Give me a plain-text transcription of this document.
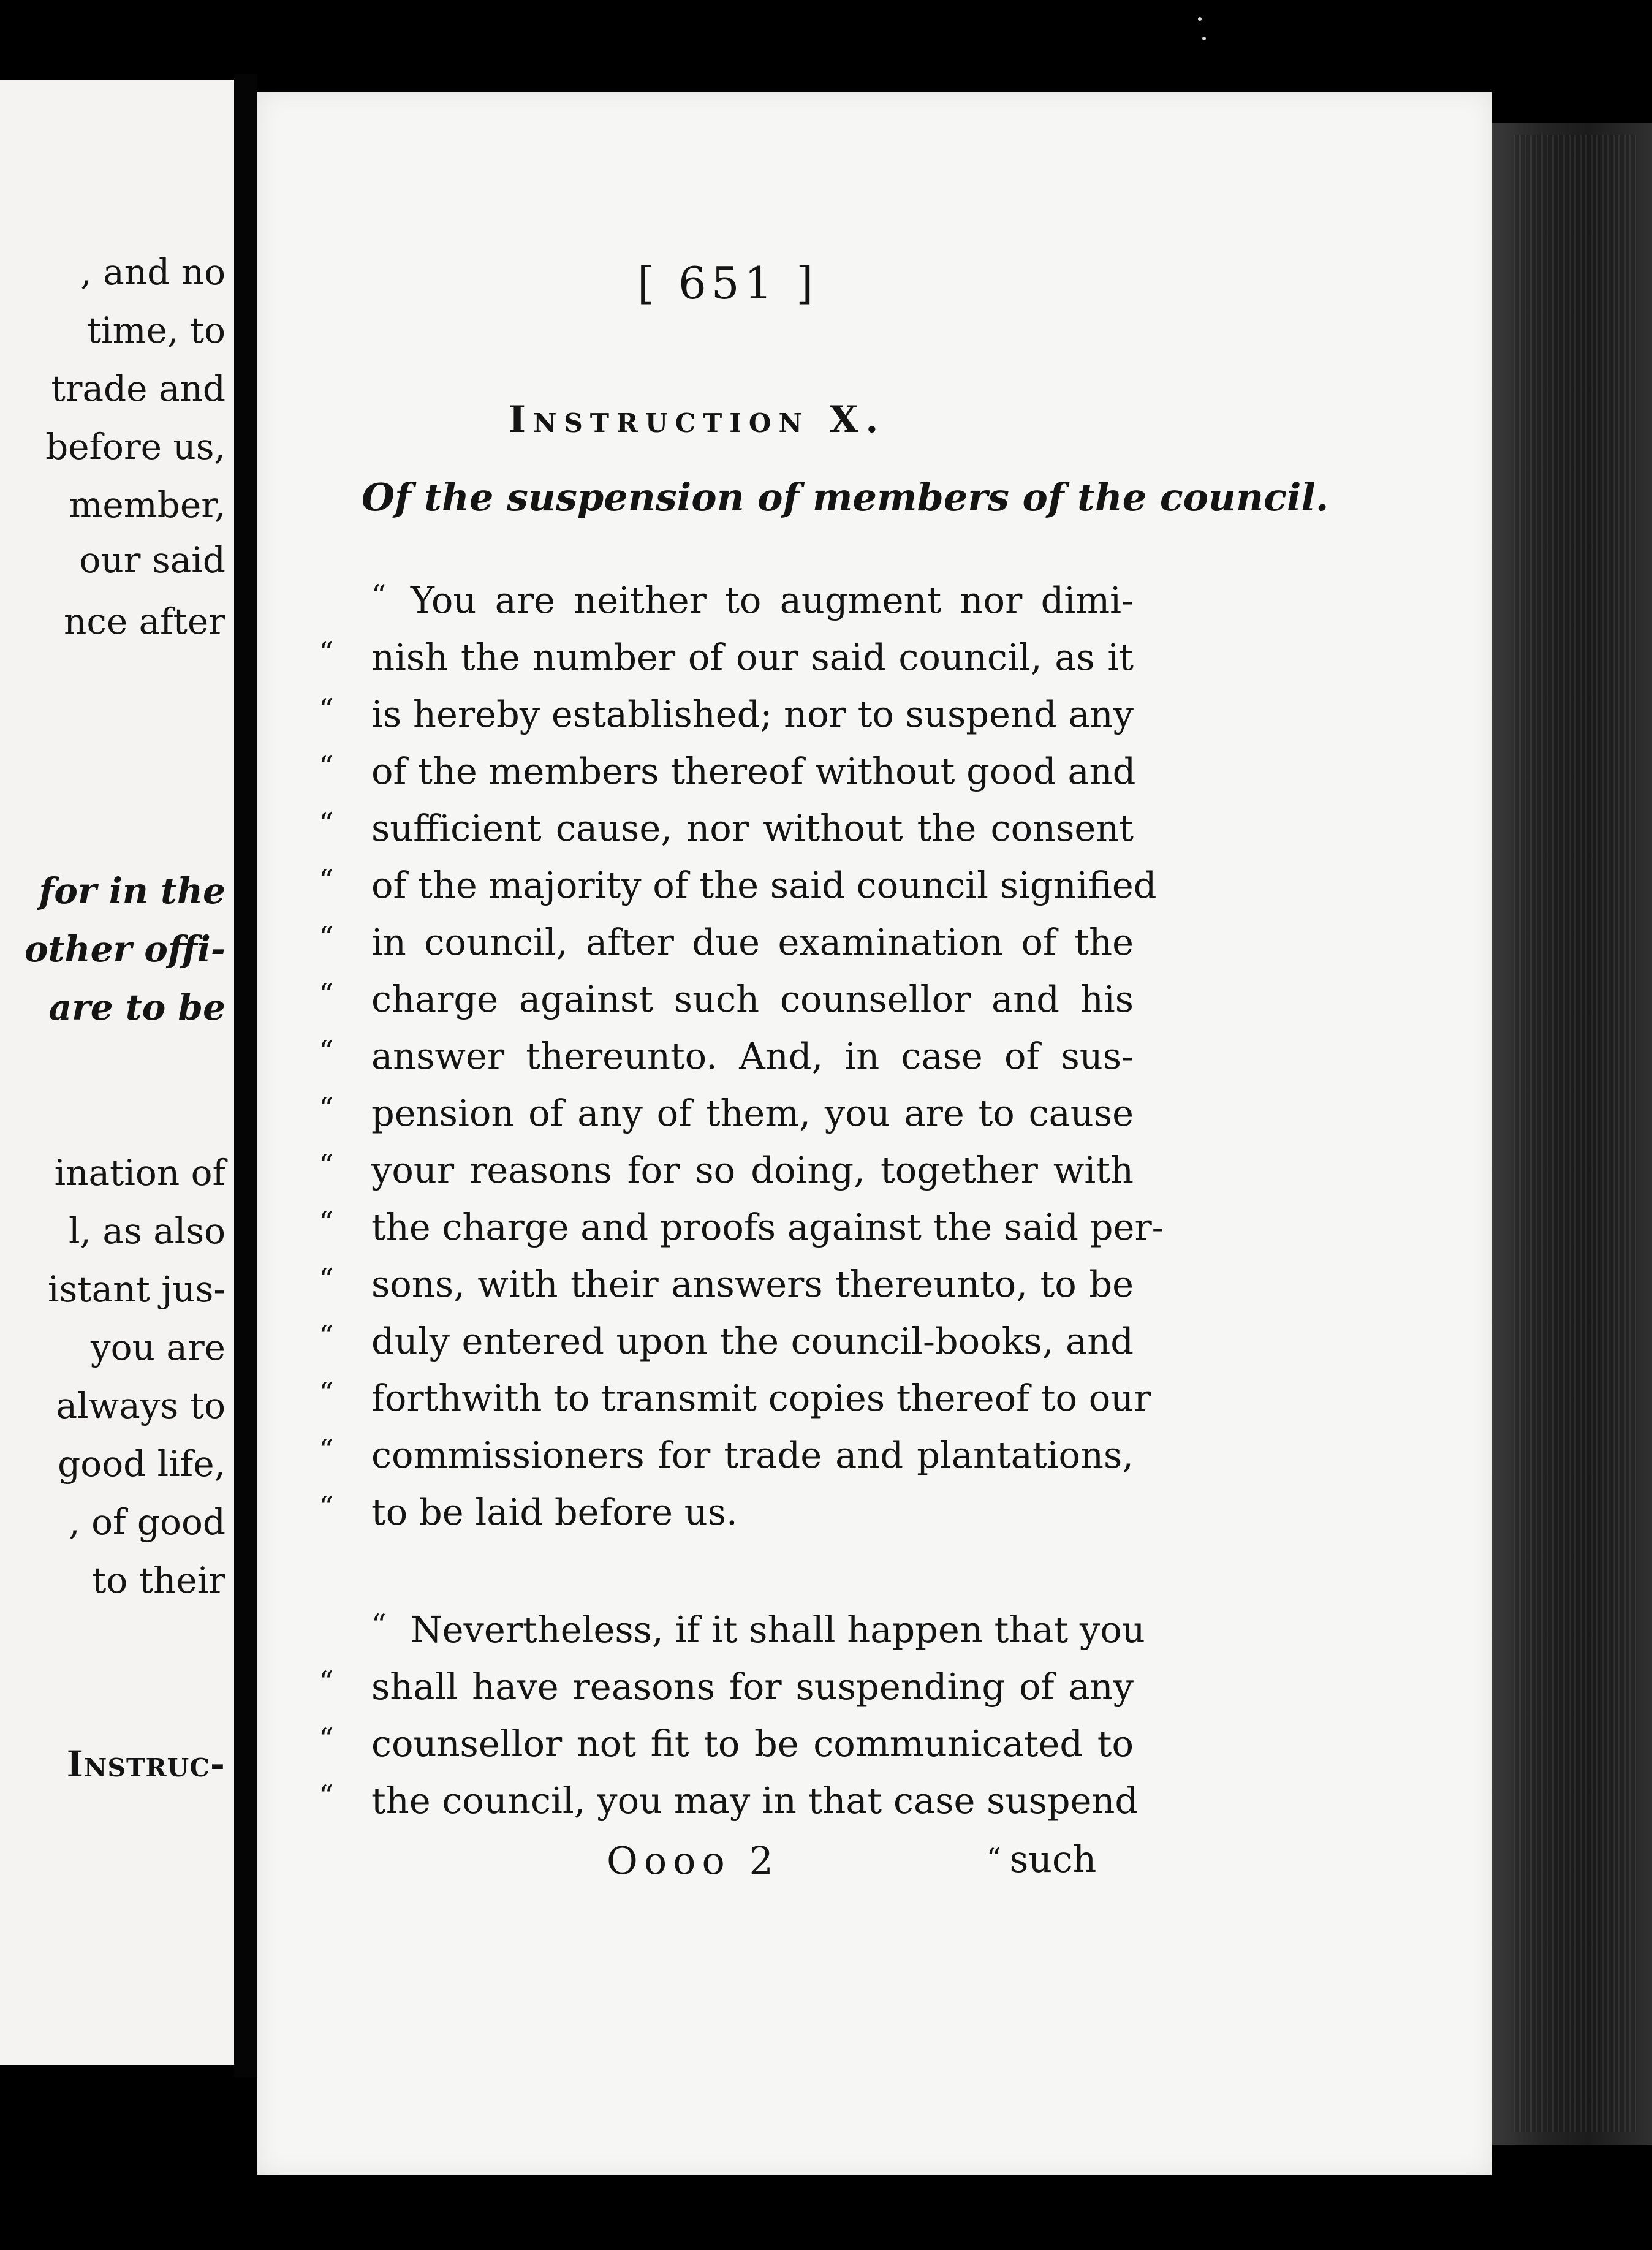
, and no
time, to
trade and
before us,
member,
our said
nce after
for in the
other offi-
are to be
ination of
l, as also
istant jus-
you are
always to
good life,
, of good
to their
Instruc-
[ 651 ]
Instruction X.
Of the suspension of members of the council.
“ You are neither to augment nor dimi-
“ nish the number of our said council, as it
“ is hereby established; nor to suspend any
“ of the members thereof without good and
“ sufficient cause, nor without the consent
“ of the majority of the said council signified
“ in council, after due examination of the
“ charge against such counsellor and his
“ answer thereunto. And, in case of sus-
“ pension of any of them, you are to cause
“ your reasons for so doing, together with
“ the charge and proofs against the said per-
“ sons, with their answers thereunto, to be
“ duly entered upon the council-books, and
“ forthwith to transmit copies thereof to our
“ commissioners for trade and plantations,
“ to be laid before us.
“ Nevertheless, if it shall happen that you
“ shall have reasons for suspending of any
“ counsellor not fit to be communicated to
“ the council, you may in that case suspend
Oooo 2	“ such
